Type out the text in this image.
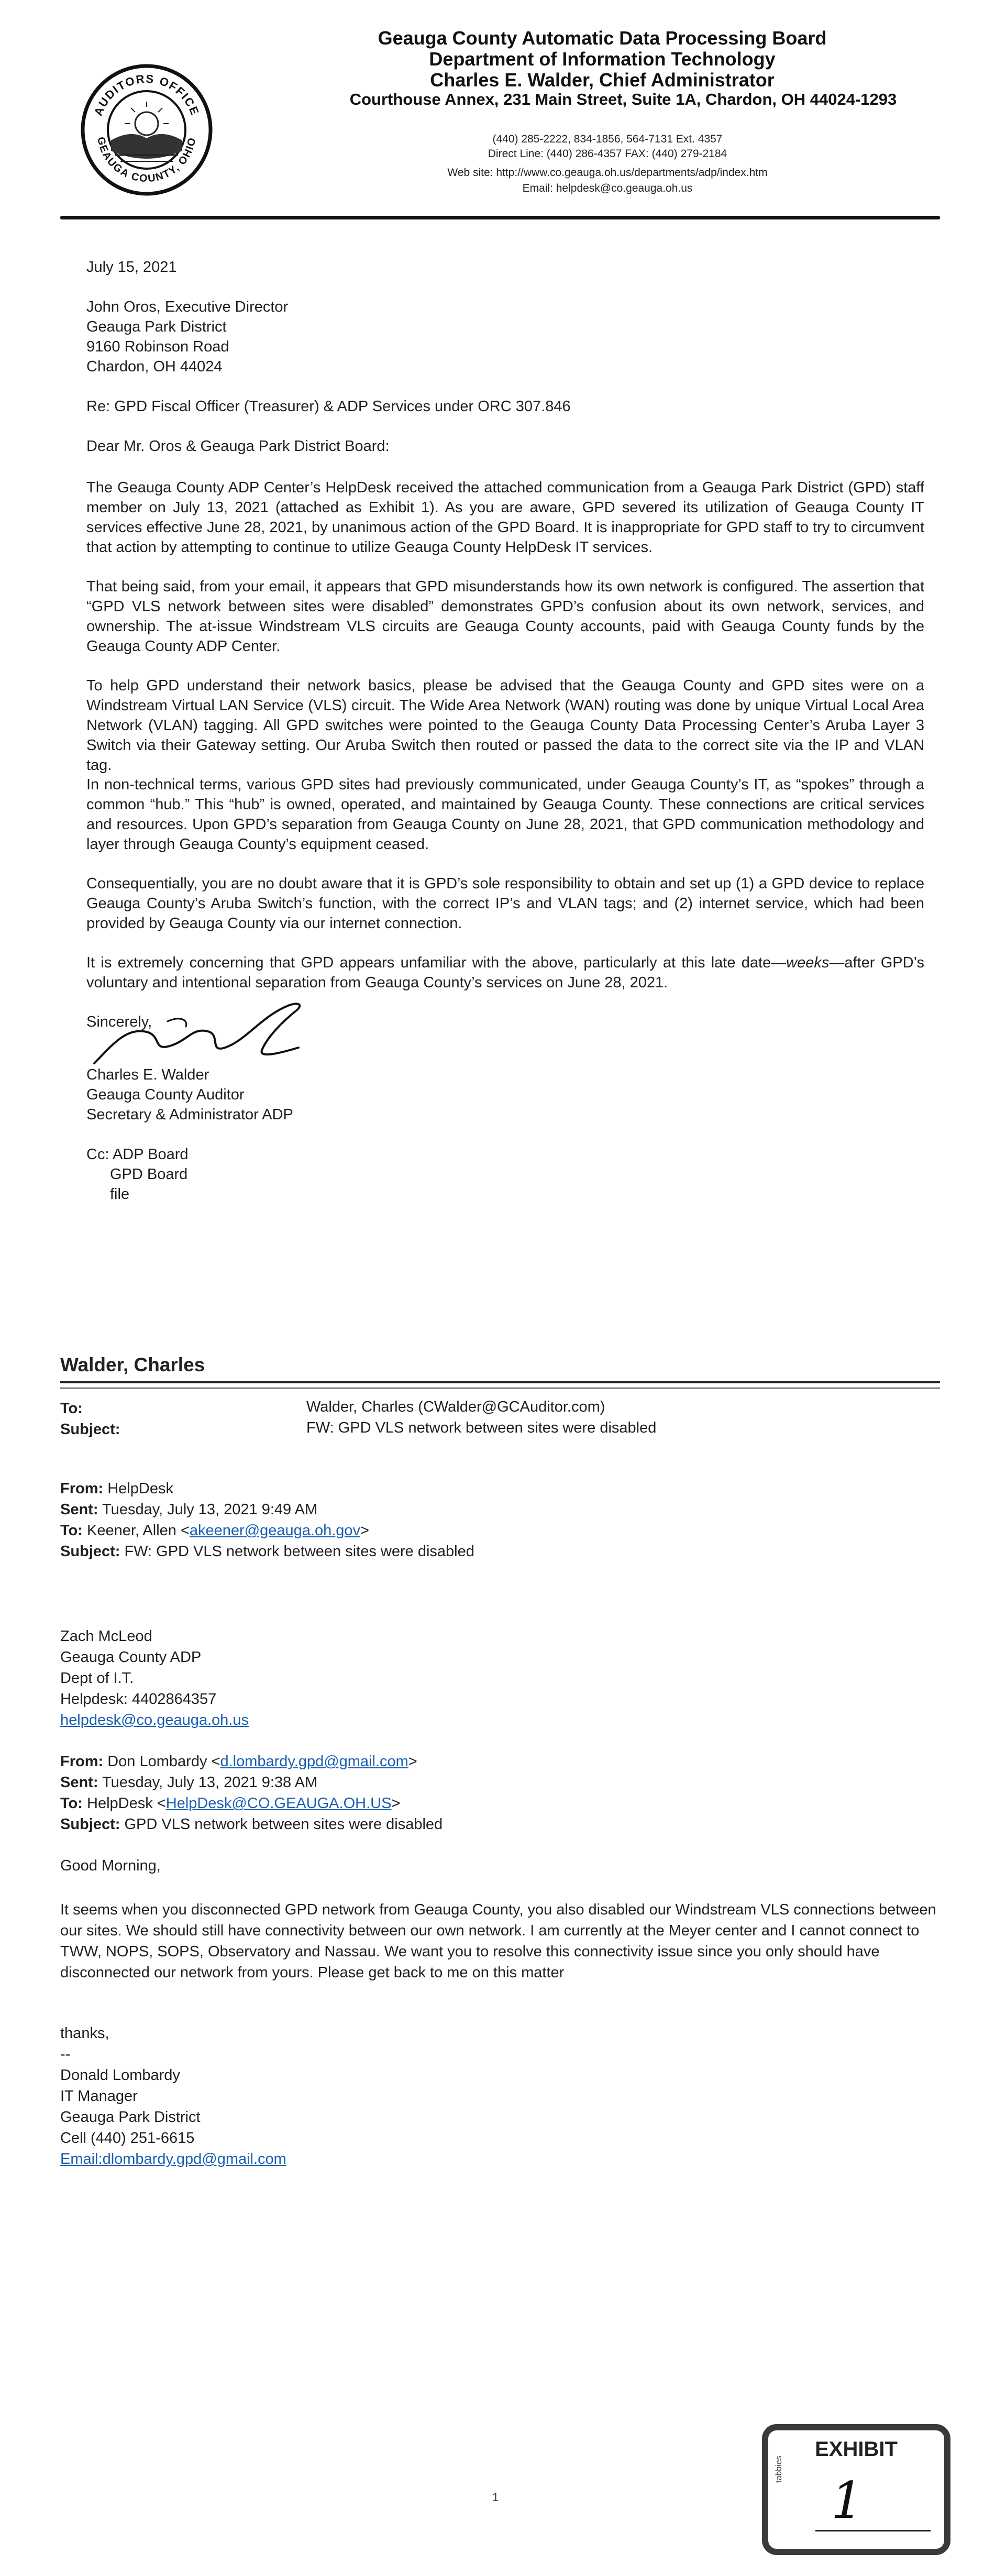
AUDITORS OFFICE
GEAUGA COUNTY, OHIO
Geauga County Automatic Data Processing Board
Department of Information Technology
Charles E. Walder, Chief Administrator
Courthouse Annex, 231 Main Street, Suite 1A, Chardon, OH 44024-1293
(440) 285-2222, 834-1856, 564-7131 Ext. 4357
Direct Line: (440) 286-4357 FAX: (440) 279-2184
Web site: http://www.co.geauga.oh.us/departments/adp/index.htm
Email: helpdesk@co.geauga.oh.us
July 15, 2021
John Oros, Executive Director
Geauga Park District
9160 Robinson Road
Chardon, OH 44024
Re: GPD Fiscal Officer (Treasurer) & ADP Services under ORC 307.846
Dear Mr. Oros & Geauga Park District Board:
The Geauga County ADP Center’s HelpDesk received the attached communication from a Geauga Park District (GPD) staff member on July 13, 2021 (attached as Exhibit 1). As you are aware, GPD severed its utilization of Geauga County IT services effective June 28, 2021, by unanimous action of the GPD Board. It is inappropriate for GPD staff to try to circumvent that action by attempting to continue to utilize Geauga County HelpDesk IT services.
That being said, from your email, it appears that GPD misunderstands how its own network is configured. The assertion that “GPD VLS network between sites were disabled” demonstrates GPD’s confusion about its own network, services, and ownership. The at-issue Windstream VLS circuits are Geauga County accounts, paid with Geauga County funds by the Geauga County ADP Center.
To help GPD understand their network basics, please be advised that the Geauga County and GPD sites were on a Windstream Virtual LAN Service (VLS) circuit. The Wide Area Network (WAN) routing was done by unique Virtual Local Area Network (VLAN) tagging. All GPD switches were pointed to the Geauga County Data Processing Center’s Aruba Layer 3 Switch via their Gateway setting. Our Aruba Switch then routed or passed the data to the correct site via the IP and VLAN tag.
In non-technical terms, various GPD sites had previously communicated, under Geauga County’s IT, as “spokes” through a common “hub.” This “hub” is owned, operated, and maintained by Geauga County. These connections are critical services and resources. Upon GPD’s separation from Geauga County on June 28, 2021, that GPD communication methodology and layer through Geauga County’s equipment ceased.
Consequentially, you are no doubt aware that it is GPD’s sole responsibility to obtain and set up (1) a GPD device to replace Geauga County’s Aruba Switch’s function, with the correct IP’s and VLAN tags; and (2) internet service, which had been provided by Geauga County via our internet connection.
It is extremely concerning that GPD appears unfamiliar with the above, particularly at this late date—weeks—after GPD’s voluntary and intentional separation from Geauga County’s services on June 28, 2021.
Sincerely,
Charles E. Walder
Geauga County Auditor
Secretary & Administrator ADP
Cc: ADP Board
GPD Board
file
Walder, Charles
To:	Walder, Charles (CWalder@GCAuditor.com)
Subject:	FW: GPD VLS network between sites were disabled
From: HelpDesk
Sent: Tuesday, July 13, 2021 9:49 AM
To: Keener, Allen <akeener@geauga.oh.gov>
Subject: FW: GPD VLS network between sites were disabled
Zach McLeod
Geauga County ADP
Dept of I.T.
Helpdesk: 4402864357
helpdesk@co.geauga.oh.us
From: Don Lombardy <d.lombardy.gpd@gmail.com>
Sent: Tuesday, July 13, 2021 9:38 AM
To: HelpDesk <HelpDesk@CO.GEAUGA.OH.US>
Subject: GPD VLS network between sites were disabled
Good Morning,
It seems when you disconnected GPD network from Geauga County, you also disabled our Windstream VLS connections between our sites. We should still have connectivity between our own network. I am currently at the Meyer center and I cannot connect to TWW, NOPS, SOPS, Observatory and Nassau. We want you to resolve this connectivity issue since you only should have disconnected our network from yours. Please get back to me on this matter
thanks,
--
Donald Lombardy
IT Manager
Geauga Park District
Cell (440) 251-6615
Email:dlombardy.gpd@gmail.com
1
EXHIBIT
tabbies
1
